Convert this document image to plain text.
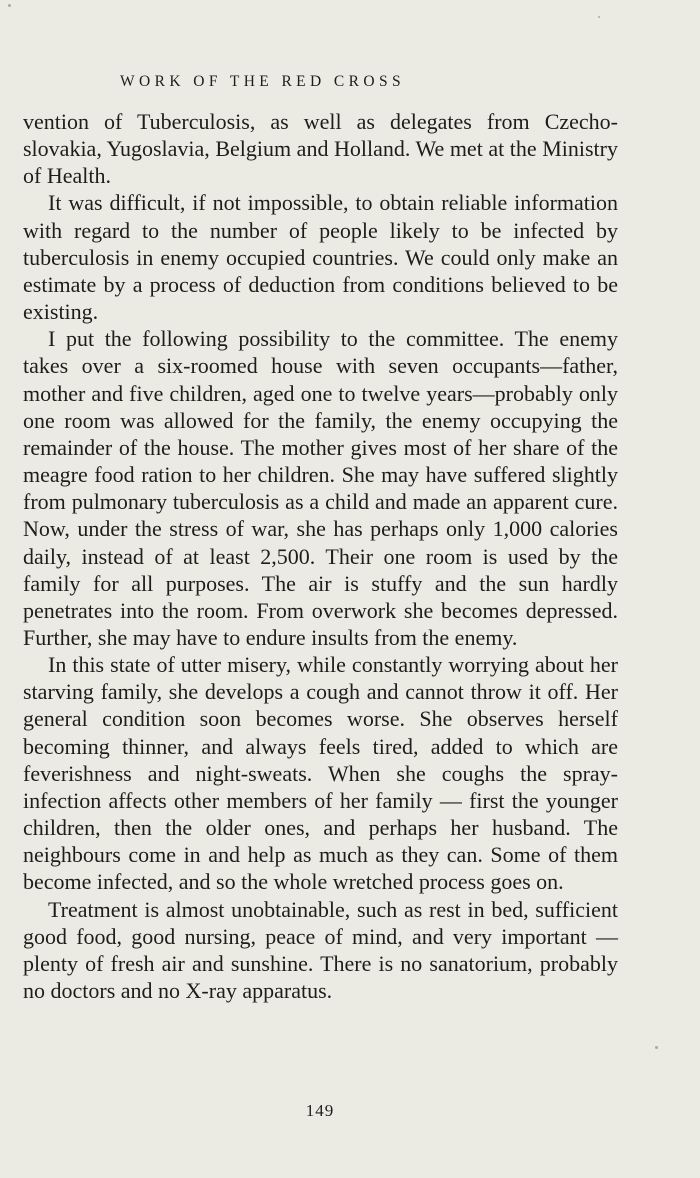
WORK OF THE RED CROSS

vention of Tuberculosis, as well as delegates from Czecho-slovakia, Yugoslavia, Belgium and Holland. We met at the Ministry of Health.

It was difficult, if not impossible, to obtain reliable information with regard to the number of people likely to be infected by tuberculosis in enemy occupied countries. We could only make an estimate by a process of deduction from conditions believed to be existing.

I put the following possibility to the committee. The enemy takes over a six-roomed house with seven occupants—father, mother and five children, aged one to twelve years—probably only one room was allowed for the family, the enemy occupying the remainder of the house. The mother gives most of her share of the meagre food ration to her children. She may have suffered slightly from pulmonary tuberculosis as a child and made an apparent cure. Now, under the stress of war, she has perhaps only 1,000 calories daily, instead of at least 2,500. Their one room is used by the family for all purposes. The air is stuffy and the sun hardly penetrates into the room. From overwork she becomes depressed. Further, she may have to endure insults from the enemy.

In this state of utter misery, while constantly worrying about her starving family, she develops a cough and cannot throw it off. Her general condition soon becomes worse. She observes herself becoming thinner, and always feels tired, added to which are feverishness and night-sweats. When she coughs the spray-infection affects other members of her family — first the younger children, then the older ones, and perhaps her husband. The neighbours come in and help as much as they can. Some of them become infected, and so the whole wretched process goes on.

Treatment is almost unobtainable, such as rest in bed, sufficient good food, good nursing, peace of mind, and very important — plenty of fresh air and sunshine. There is no sanatorium, probably no doctors and no X-ray apparatus.

149
